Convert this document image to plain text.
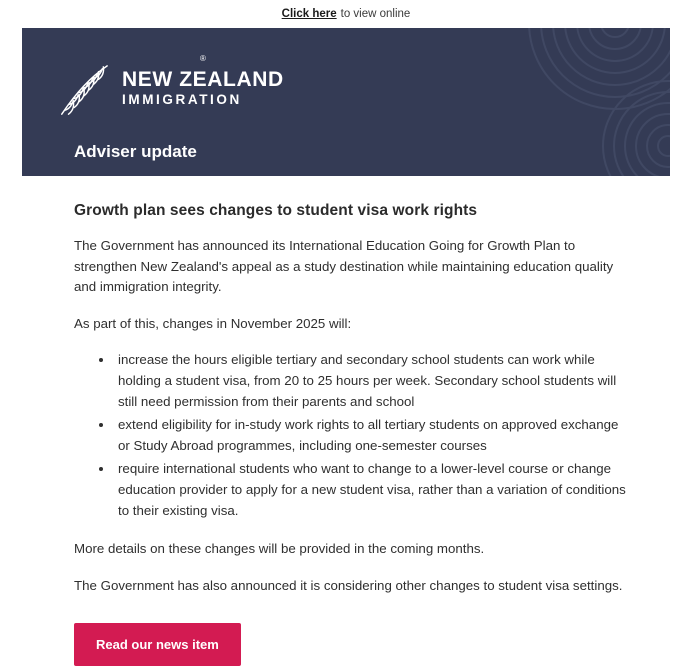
Click here to view online
®
NEW ZEALAND
IMMIGRATION
Adviser update
Growth plan sees changes to student visa work rights

The Government has announced its International Education Going for Growth Plan to strengthen New Zealand's appeal as a study destination while maintaining education quality and immigration integrity.

As part of this, changes in November 2025 will:

• increase the hours eligible tertiary and secondary school students can work while holding a student visa, from 20 to 25 hours per week. Secondary school students will still need permission from their parents and school
• extend eligibility for in-study work rights to all tertiary students on approved exchange or Study Abroad programmes, including one-semester courses
• require international students who want to change to a lower-level course or change education provider to apply for a new student visa, rather than a variation of conditions to their existing visa.

More details on these changes will be provided in the coming months.

The Government has also announced it is considering other changes to student visa settings.

Read our news item
